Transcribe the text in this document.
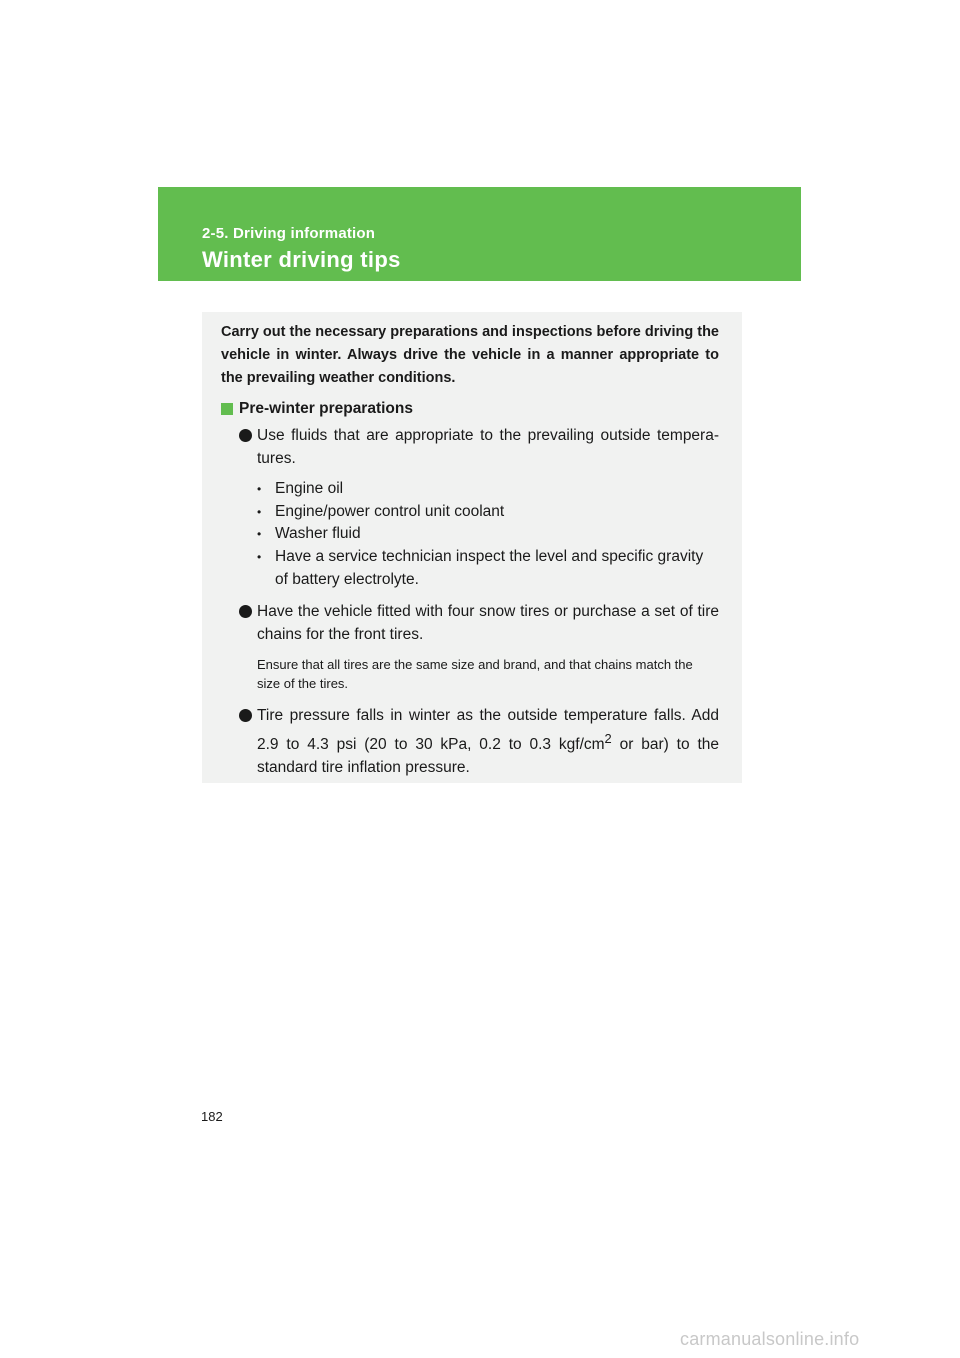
2-5. Driving information
Winter driving tips

Carry out the necessary preparations and inspections before driving the vehicle in winter. Always drive the vehicle in a manner appropriate to the prevailing weather conditions.

Pre-winter preparations
Use fluids that are appropriate to the prevailing outside tempera- tures.
• Engine oil
• Engine/power control unit coolant
• Washer fluid
• Have a service technician inspect the level and specific gravity of battery electrolyte.
Have the vehicle fitted with four snow tires or purchase a set of tire chains for the front tires.
Ensure that all tires are the same size and brand, and that chains match the size of the tires.
Tire pressure falls in winter as the outside temperature falls. Add 2.9 to 4.3 psi (20 to 30 kPa, 0.2 to 0.3 kgf/$cm^2$ or bar) to the standard tire inflation pressure.
182
carmanualsonline.info
